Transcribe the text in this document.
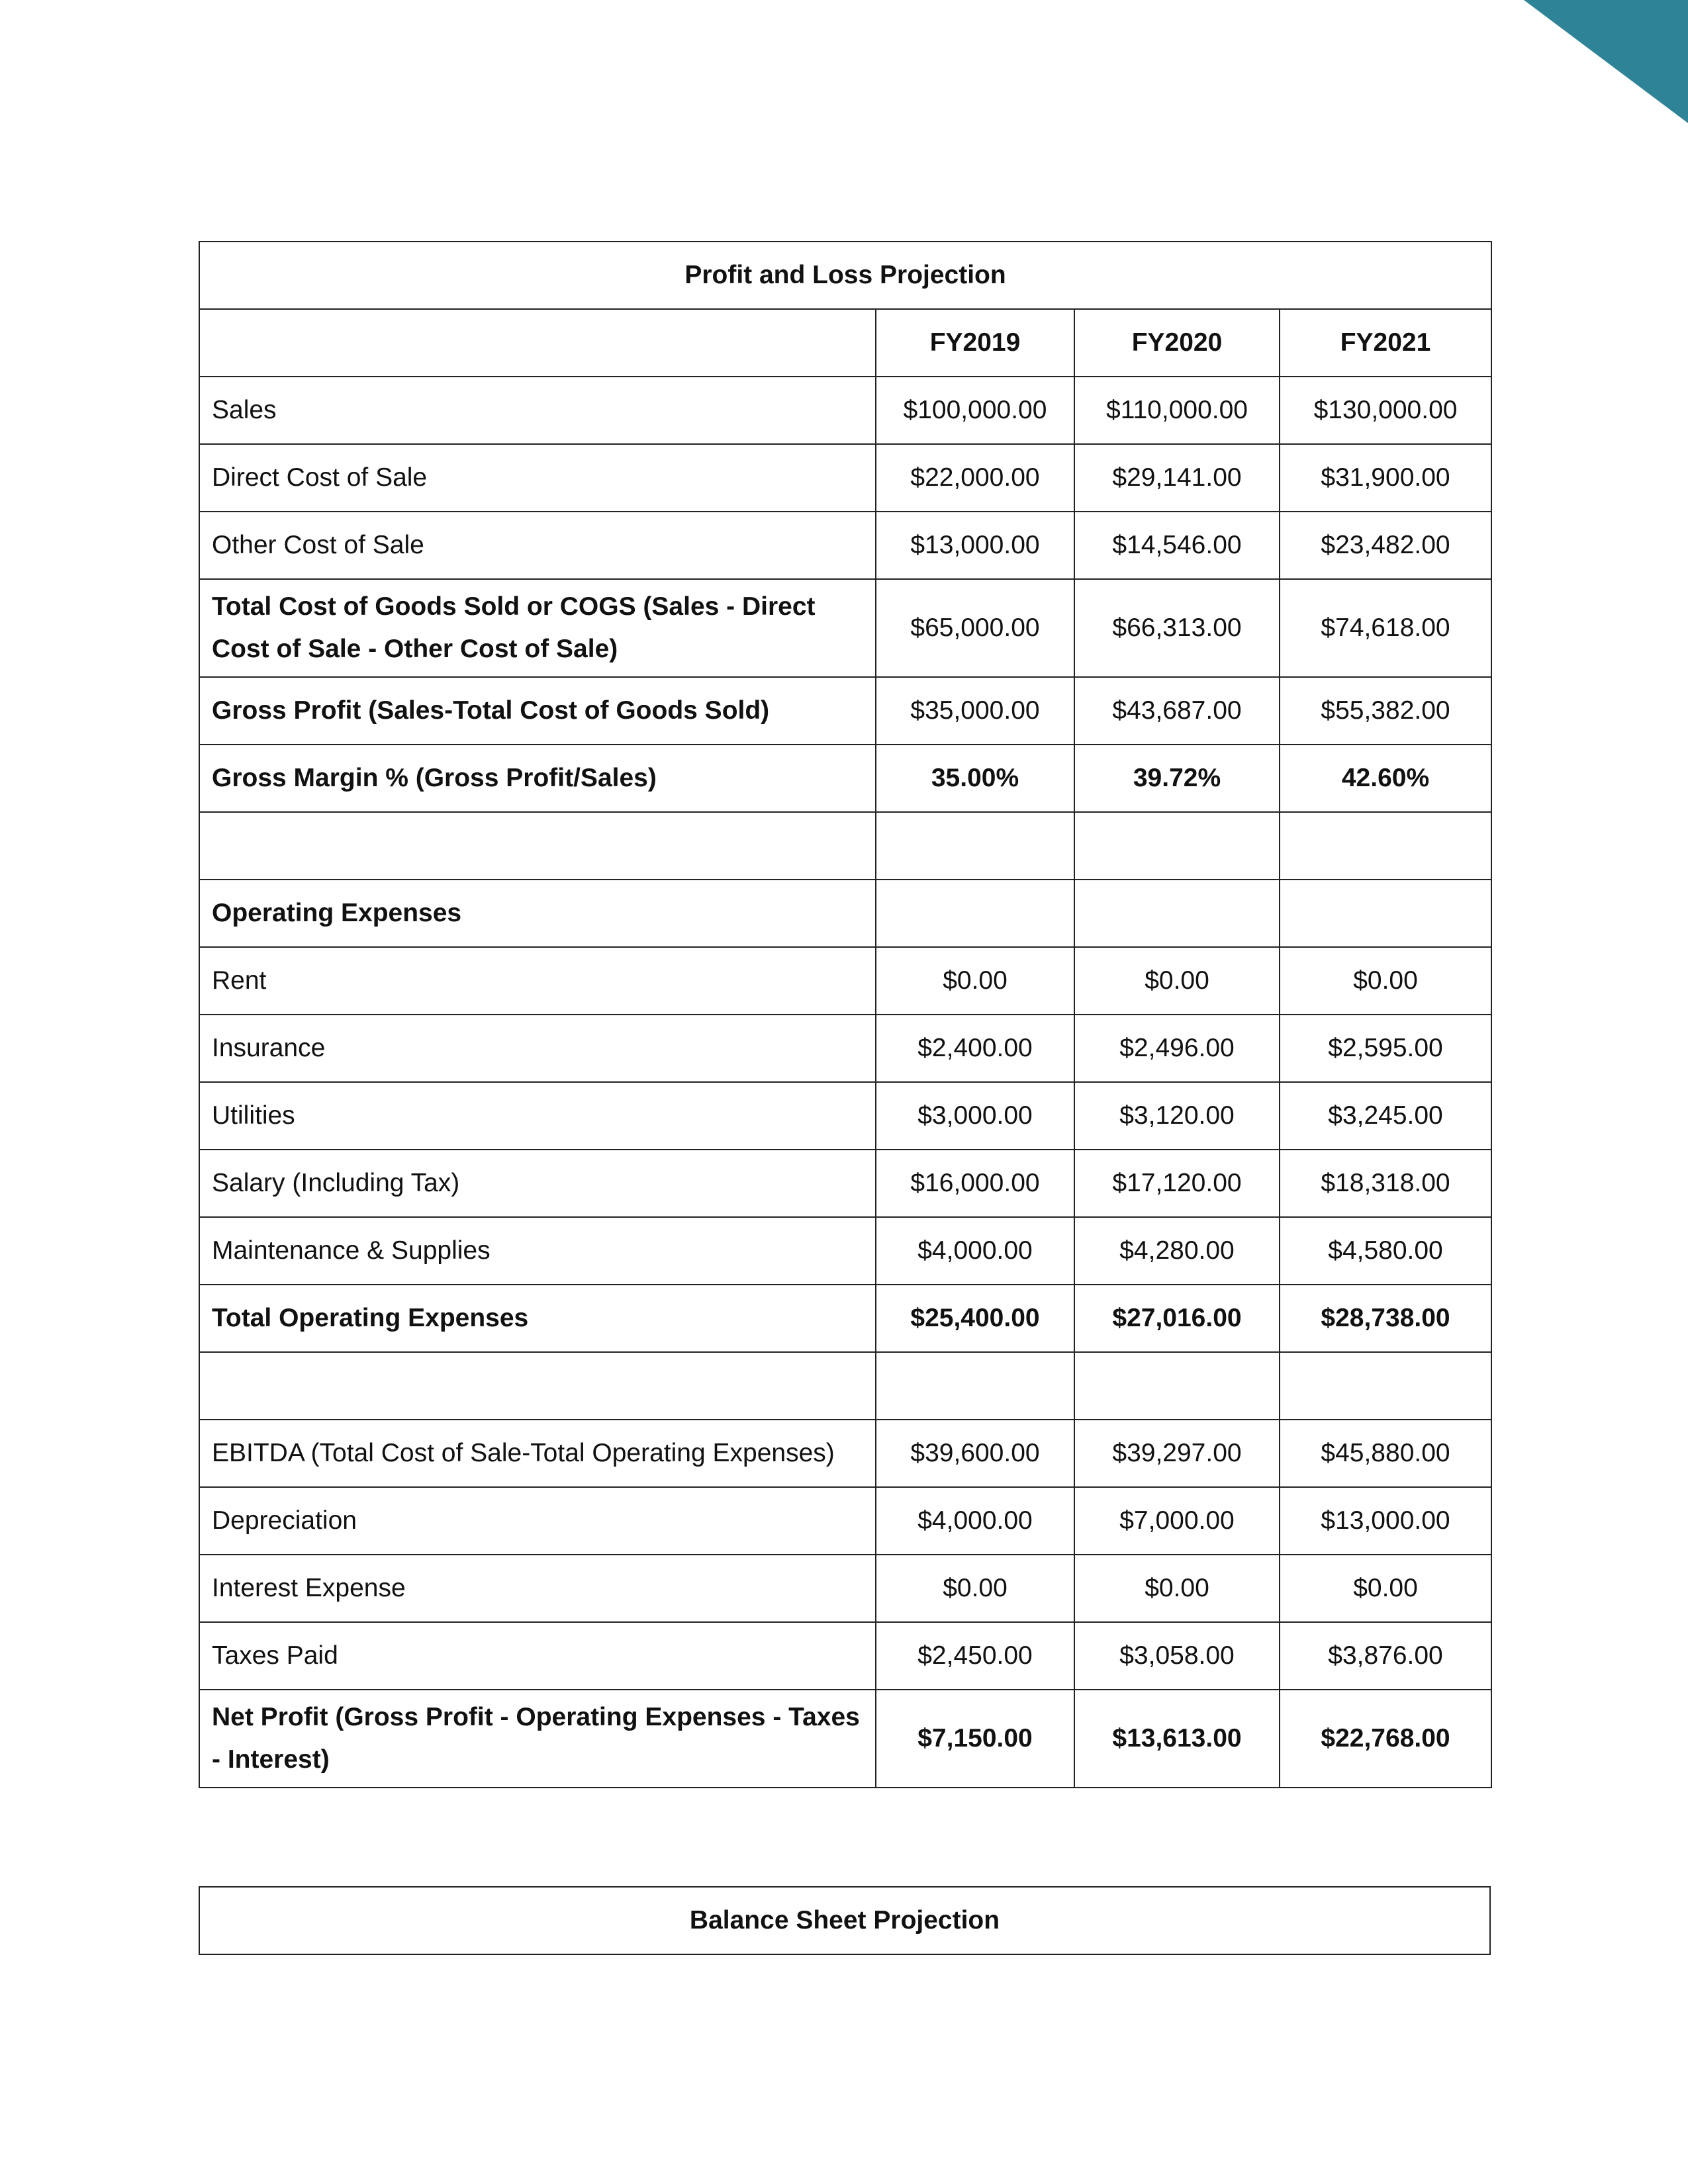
Profit and Loss Projection			
	FY2019	FY2020	FY2021
Sales	$100,000.00	$110,000.00	$130,000.00
Direct Cost of Sale	$22,000.00	$29,141.00	$31,900.00
Other Cost of Sale	$13,000.00	$14,546.00	$23,482.00
Total Cost of Goods Sold or COGS (Sales - Direct Cost of Sale - Other Cost of Sale)	$65,000.00	$66,313.00	$74,618.00
Gross Profit (Sales-Total Cost of Goods Sold)	$35,000.00	$43,687.00	$55,382.00
Gross Margin % (Gross Profit/Sales)	35.00%	39.72%	42.60%

Operating Expenses			
Rent	$0.00	$0.00	$0.00
Insurance	$2,400.00	$2,496.00	$2,595.00
Utilities	$3,000.00	$3,120.00	$3,245.00
Salary (Including Tax)	$16,000.00	$17,120.00	$18,318.00
Maintenance & Supplies	$4,000.00	$4,280.00	$4,580.00
Total Operating Expenses	$25,400.00	$27,016.00	$28,738.00

EBITDA (Total Cost of Sale-Total Operating Expenses)	$39,600.00	$39,297.00	$45,880.00
Depreciation	$4,000.00	$7,000.00	$13,000.00
Interest Expense	$0.00	$0.00	$0.00
Taxes Paid	$2,450.00	$3,058.00	$3,876.00
Net Profit (Gross Profit - Operating Expenses - Taxes - Interest)	$7,150.00	$13,613.00	$22,768.00
Balance Sheet Projection
